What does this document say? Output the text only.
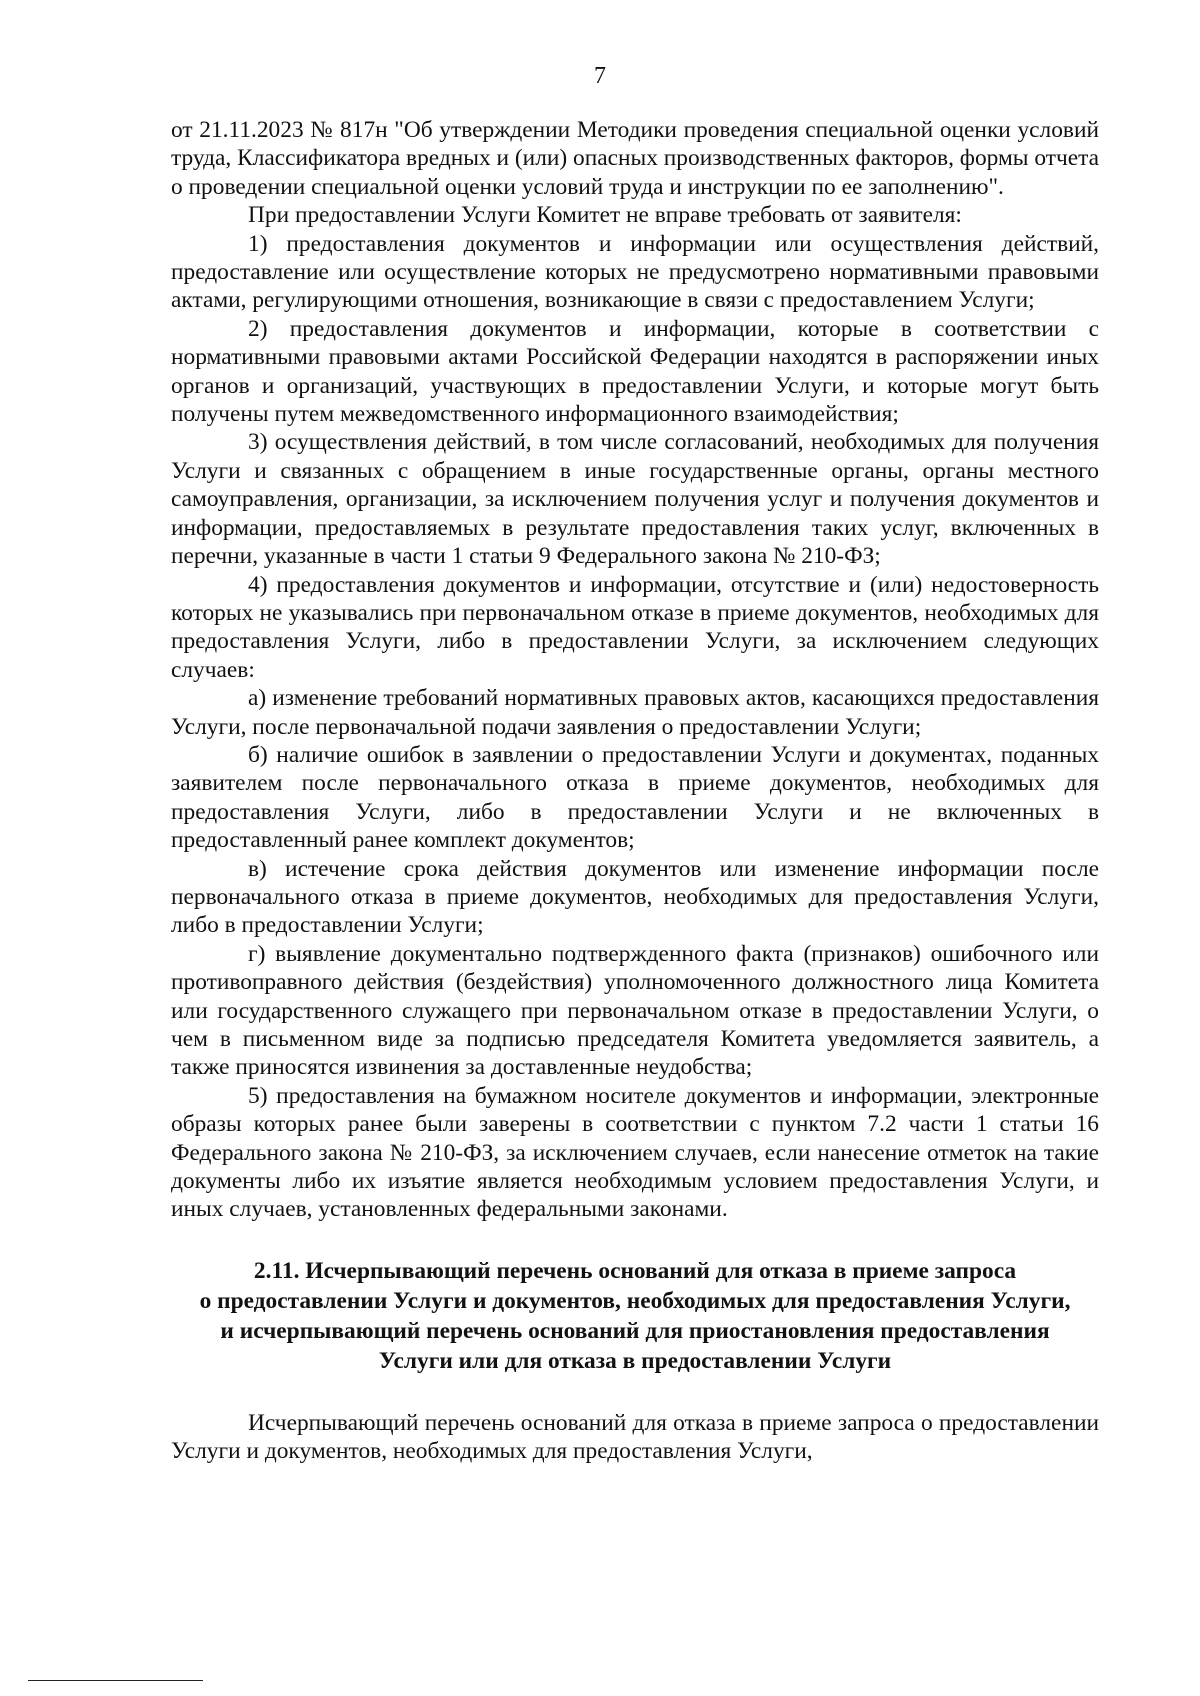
7

от 21.11.2023 № 817н "Об утверждении Методики проведения специальной оценки условий труда, Классификатора вредных и (или) опасных производственных факторов, формы отчета о проведении специальной оценки условий труда и инструкции по ее заполнению".

При предоставлении Услуги Комитет не вправе требовать от заявителя:

1) предоставления документов и информации или осуществления действий, предоставление или осуществление которых не предусмотрено нормативными правовыми актами, регулирующими отношения, возникающие в связи с предоставлением Услуги;

2) предоставления документов и информации, которые в соответствии с нормативными правовыми актами Российской Федерации находятся в распоряжении иных органов и организаций, участвующих в предоставлении Услуги, и которые могут быть получены путем межведомственного информационного взаимодействия;

3) осуществления действий, в том числе согласований, необходимых для получения Услуги и связанных с обращением в иные государственные органы, органы местного самоуправления, организации, за исключением получения услуг и получения документов и информации, предоставляемых в результате предоставления таких услуг, включенных в перечни, указанные в части 1 статьи 9 Федерального закона № 210-ФЗ;

4) предоставления документов и информации, отсутствие и (или) недостоверность которых не указывались при первоначальном отказе в приеме документов, необходимых для предоставления Услуги, либо в предоставлении Услуги, за исключением следующих случаев:

а) изменение требований нормативных правовых актов, касающихся предоставления Услуги, после первоначальной подачи заявления о предоставлении Услуги;

б) наличие ошибок в заявлении о предоставлении Услуги и документах, поданных заявителем после первоначального отказа в приеме документов, необходимых для предоставления Услуги, либо в предоставлении Услуги и не включенных в предоставленный ранее комплект документов;

в) истечение срока действия документов или изменение информации после первоначального отказа в приеме документов, необходимых для предоставления Услуги, либо в предоставлении Услуги;

г) выявление документально подтвержденного факта (признаков) ошибочного или противоправного действия (бездействия) уполномоченного должностного лица Комитета или государственного служащего при первоначальном отказе в предоставлении Услуги, о чем в письменном виде за подписью председателя Комитета уведомляется заявитель, а также приносятся извинения за доставленные неудобства;

5) предоставления на бумажном носителе документов и информации, электронные образы которых ранее были заверены в соответствии с пунктом 7.2 части 1 статьи 16 Федерального закона № 210-ФЗ, за исключением случаев, если нанесение отметок на такие документы либо их изъятие является необходимым условием предоставления Услуги, и иных случаев, установленных федеральными законами.

2.11. Исчерпывающий перечень оснований для отказа в приеме запроса
о предоставлении Услуги и документов, необходимых для предоставления Услуги,
и исчерпывающий перечень оснований для приостановления предоставления
Услуги или для отказа в предоставлении Услуги

Исчерпывающий перечень оснований для отказа в приеме запроса о предоставлении Услуги и документов, необходимых для предоставления Услуги,
